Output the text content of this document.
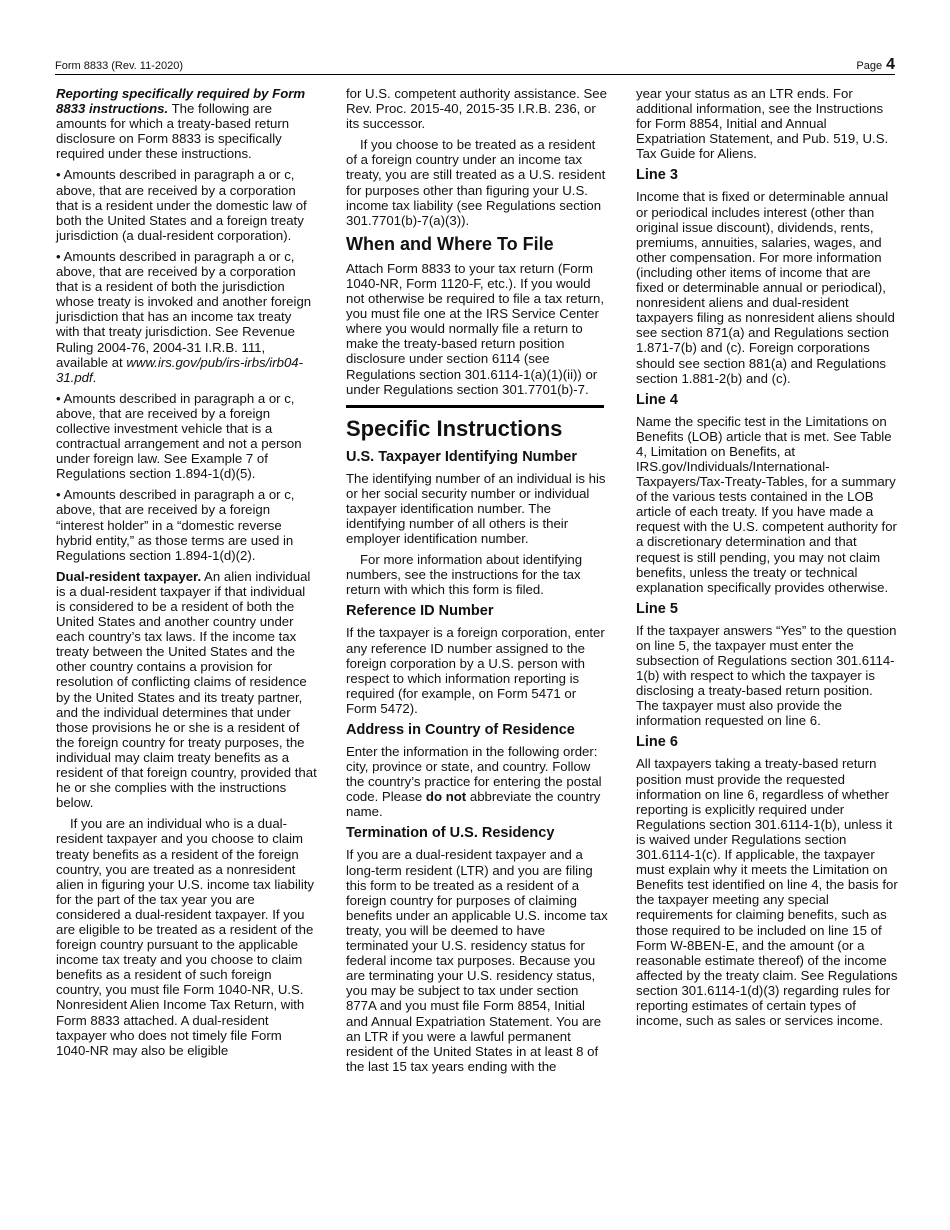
Form 8833 (Rev. 11-2020)	Page 4

Reporting specifically required by Form 8833 instructions. The following are amounts for which a treaty-based return disclosure on Form 8833 is specifically required under these instructions.

• Amounts described in paragraph a or c, above, that are received by a corporation that is a resident under the domestic law of both the United States and a foreign treaty jurisdiction (a dual-resident corporation).

• Amounts described in paragraph a or c, above, that are received by a corporation that is a resident of both the jurisdiction whose treaty is invoked and another foreign jurisdiction that has an income tax treaty with that treaty jurisdiction. See Revenue Ruling 2004-76, 2004-31 I.R.B. 111, available at www.irs.gov/pub/irs-irbs/irb04-31.pdf.

• Amounts described in paragraph a or c, above, that are received by a foreign collective investment vehicle that is a contractual arrangement and not a person under foreign law. See Example 7 of Regulations section 1.894-1(d)(5).

• Amounts described in paragraph a or c, above, that are received by a foreign “interest holder” in a “domestic reverse hybrid entity,” as those terms are used in Regulations section 1.894-1(d)(2).

Dual-resident taxpayer. An alien individual is a dual-resident taxpayer if that individual is considered to be a resident of both the United States and another country under each country’s tax laws. If the income tax treaty between the United States and the other country contains a provision for resolution of conflicting claims of residence by the United States and its treaty partner, and the individual determines that under those provisions he or she is a resident of the foreign country for treaty purposes, the individual may claim treaty benefits as a resident of that foreign country, provided that he or she complies with the instructions below.

If you are an individual who is a dual-resident taxpayer and you choose to claim treaty benefits as a resident of the foreign country, you are treated as a nonresident alien in figuring your U.S. income tax liability for the part of the tax year you are considered a dual-resident taxpayer. If you are eligible to be treated as a resident of the foreign country pursuant to the applicable income tax treaty and you choose to claim benefits as a resident of such foreign country, you must file Form 1040-NR, U.S. Nonresident Alien Income Tax Return, with Form 8833 attached. A dual-resident taxpayer who does not timely file Form 1040-NR may also be eligible

for U.S. competent authority assistance. See Rev. Proc. 2015-40, 2015-35 I.R.B. 236, or its successor.

If you choose to be treated as a resident of a foreign country under an income tax treaty, you are still treated as a U.S. resident for purposes other than figuring your U.S. income tax liability (see Regulations section 301.7701(b)-7(a)(3)).

When and Where To File

Attach Form 8833 to your tax return (Form 1040-NR, Form 1120-F, etc.). If you would not otherwise be required to file a tax return, you must file one at the IRS Service Center where you would normally file a return to make the treaty-based return position disclosure under section 6114 (see Regulations section 301.6114-1(a)(1)(ii)) or under Regulations section 301.7701(b)-7.

Specific Instructions
U.S. Taxpayer Identifying Number

The identifying number of an individual is his or her social security number or individual taxpayer identification number. The identifying number of all others is their employer identification number.

For more information about identifying numbers, see the instructions for the tax return with which this form is filed.

Reference ID Number

If the taxpayer is a foreign corporation, enter any reference ID number assigned to the foreign corporation by a U.S. person with respect to which information reporting is required (for example, on Form 5471 or Form 5472).

Address in Country of Residence

Enter the information in the following order: city, province or state, and country. Follow the country’s practice for entering the postal code. Please do not abbreviate the country name.

Termination of U.S. Residency

If you are a dual-resident taxpayer and a long-term resident (LTR) and you are filing this form to be treated as a resident of a foreign country for purposes of claiming benefits under an applicable U.S. income tax treaty, you will be deemed to have terminated your U.S. residency status for federal income tax purposes. Because you are terminating your U.S. residency status, you may be subject to tax under section 877A and you must file Form 8854, Initial and Annual Expatriation Statement. You are an LTR if you were a lawful permanent resident of the United States in at least 8 of the last 15 tax years ending with the

year your status as an LTR ends. For additional information, see the Instructions for Form 8854, Initial and Annual Expatriation Statement, and Pub. 519, U.S. Tax Guide for Aliens.

Line 3

Income that is fixed or determinable annual or periodical includes interest (other than original issue discount), dividends, rents, premiums, annuities, salaries, wages, and other compensation. For more information (including other items of income that are fixed or determinable annual or periodical), nonresident aliens and dual-resident taxpayers filing as nonresident aliens should see section 871(a) and Regulations section 1.871-7(b) and (c). Foreign corporations should see section 881(a) and Regulations section 1.881-2(b) and (c).

Line 4

Name the specific test in the Limitations on Benefits (LOB) article that is met. See Table 4, Limitation on Benefits, at IRS.gov/Individuals/International-Taxpayers/Tax-Treaty-Tables, for a summary of the various tests contained in the LOB article of each treaty. If you have made a request with the U.S. competent authority for a discretionary determination and that request is still pending, you may not claim benefits, unless the treaty or technical explanation specifically provides otherwise.

Line 5

If the taxpayer answers “Yes” to the question on line 5, the taxpayer must enter the subsection of Regulations section 301.6114-1(b) with respect to which the taxpayer is disclosing a treaty-based return position. The taxpayer must also provide the information requested on line 6.

Line 6

All taxpayers taking a treaty-based return position must provide the requested information on line 6, regardless of whether reporting is explicitly required under Regulations section 301.6114-1(b), unless it is waived under Regulations section 301.6114-1(c). If applicable, the taxpayer must explain why it meets the Limitation on Benefits test identified on line 4, the basis for the taxpayer meeting any special requirements for claiming benefits, such as those required to be included on line 15 of Form W-8BEN-E, and the amount (or a reasonable estimate thereof) of the income affected by the treaty claim. See Regulations section 301.6114-1(d)(3) regarding rules for reporting estimates of certain types of income, such as sales or services income.
